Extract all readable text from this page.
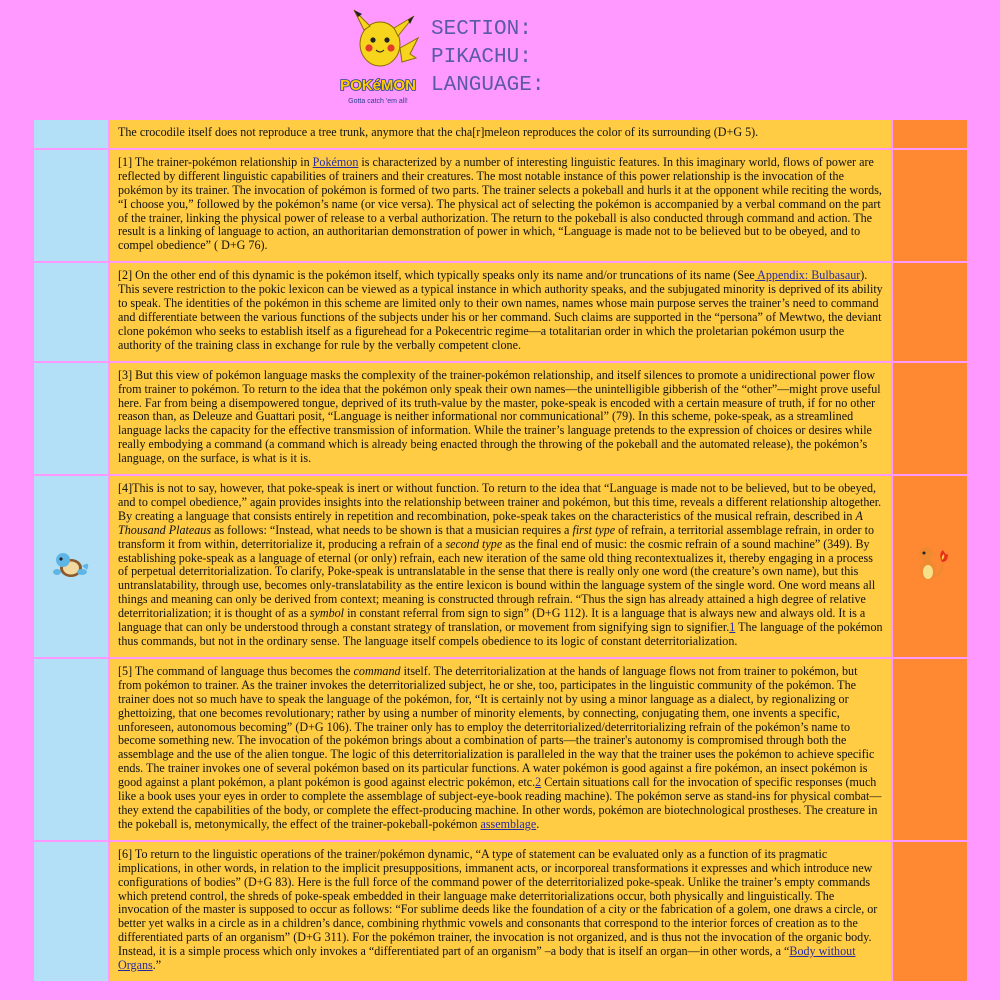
POKéMON
Gotta catch 'em all!
SECTION:
PIKACHU:
LANGUAGE:
	The crocodile itself does not reproduce a tree trunk, anymore that the cha[r]meleon reproduces the color of its surrounding (D+G 5).	
	[1] The trainer-pokémon relationship in Pokémon is characterized by a number of interesting linguistic features. In this imaginary world, flows of power are reflected by different linguistic capabilities of trainers and their creatures. The most notable instance of this power relationship is the invocation of the pokémon by its trainer. The invocation of pokémon is formed of two parts. The trainer selects a pokeball and hurls it at the opponent while reciting the words, “I choose you,” followed by the pokémon’s name (or vice versa). The physical act of selecting the pokémon is accompanied by a verbal command on the part of the trainer, linking the physical power of release to a verbal authorization. The return to the pokeball is also conducted through command and action. The result is a linking of language to action, an authoritarian demonstration of power in which, “Language is made not to be believed but to be obeyed, and to compel obedience” ( D+G 76).	
	[2] On the other end of this dynamic is the pokémon itself, which typically speaks only its name and/or truncations of its name (See Appendix: Bulbasaur). This severe restriction to the pokic lexicon can be viewed as a typical instance in which authority speaks, and the subjugated minority is deprived of its ability to speak. The identities of the pokémon in this scheme are limited only to their own names, names whose main purpose serves the trainer’s need to command and differentiate between the various functions of the subjects under his or her command. Such claims are supported in the “persona” of Mewtwo, the deviant clone pokémon who seeks to establish itself as a figurehead for a Pokecentric regime—a totalitarian order in which the proletarian pokémon usurp the authority of the training class in exchange for rule by the verbally competent clone.	
	[3] But this view of pokémon language masks the complexity of the trainer-pokémon relationship, and itself silences to promote a unidirectional power flow from trainer to pokémon. To return to the idea that the pokémon only speak their own names—the unintelligible gibberish of the “other”—might prove useful here. Far from being a disempowered tongue, deprived of its truth-value by the master, poke-speak is encoded with a certain measure of truth, if for no other reason than, as Deleuze and Guattari posit, “Language is neither informational nor communicational” (79). In this scheme, poke-speak, as a streamlined language lacks the capacity for the effective transmission of information. While the trainer’s language pretends to the expression of choices or desires while really embodying a command (a command which is already being enacted through the throwing of the pokeball and the automated release), the pokémon’s language, on the surface, is what is it is.	
	[4]This is not to say, however, that poke-speak is inert or without function. To return to the idea that “Language is made not to be believed, but to be obeyed, and to compel obedience,” again provides insights into the relationship between trainer and pokémon, but this time, reveals a different relationship altogether. By creating a language that consists entirely in repetition and recombination, poke-speak takes on the characteristics of the musical refrain, described in A Thousand Plateaus as follows: “Instead, what needs to be shown is that a musician requires a first type of refrain, a territorial assemblage refrain, in order to transform it from within, deterritorialize it, producing a refrain of a second type as the final end of music: the cosmic refrain of a sound machine” (349). By establishing poke-speak as a language of eternal (or only) refrain, each new iteration of the same old thing recontextualizes it, thereby engaging in a process of perpetual deterritorialization. To clarify, Poke-speak is untranslatable in the sense that there is really only one word (the creature’s own name), but this untranslatability, through use, becomes only-translatability as the entire lexicon is bound within the language system of the single word. One word means all things and meaning can only be derived from context; meaning is constructed through refrain. “Thus the sign has already attained a high degree of relative deterritorialization; it is thought of as a symbol in constant referral from sign to sign” (D+G 112). It is a language that is always new and always old. It is a language that can only be understood through a constant strategy of translation, or movement from signifying sign to signifier.1 The language of the pokémon thus commands, but not in the ordinary sense. The language itself compels obedience to its logic of constant deterritorialization.	
	[5] The command of language thus becomes the command itself. The deterritorialization at the hands of language flows not from trainer to pokémon, but from pokémon to trainer. As the trainer invokes the deterritorialized subject, he or she, too, participates in the linguistic community of the pokémon. The trainer does not so much have to speak the language of the pokémon, for, “It is certainly not by using a minor language as a dialect, by regionalizing or ghettoizing, that one becomes revolutionary; rather by using a number of minority elements, by connecting, conjugating them, one invents a specific, unforeseen, autonomous becoming” (D+G 106). The trainer only has to employ the deterritorialized/deterritorializing refrain of the pokémon’s name to become something new. The invocation of the pokémon brings about a combination of parts—the trainer's autonomy is compromised through both the assemblage and the use of the alien tongue. The logic of this deterritorialization is paralleled in the way that the trainer uses the pokémon to achieve specific ends. The trainer invokes one of several pokémon based on its particular functions. A water pokémon is good against a fire pokémon, an insect pokémon is good against a plant pokémon, a plant pokémon is good against electric pokémon, etc.2 Certain situations call for the invocation of specific responses (much like a book uses your eyes in order to complete the assemblage of subject-eye-book reading machine). The pokémon serve as stand-ins for physical combat—they extend the capabilities of the body, or complete the effect-producing machine. In other words, pokémon are biotechnological prostheses. The creature in the pokeball is, metonymically, the effect of the trainer-pokeball-pokémon assemblage.	
	[6] To return to the linguistic operations of the trainer/pokémon dynamic, “A type of statement can be evaluated only as a function of its pragmatic implications, in other words, in relation to the implicit presuppositions, immanent acts, or incorporeal transformations it expresses and which introduce new configurations of bodies” (D+G 83). Here is the full force of the command power of the deterritorialized poke-speak. Unlike the trainer’s empty commands which pretend control, the shreds of poke-speak embedded in their language make deterritorializations occur, both physically and linguistically. The invocation of the master is supposed to occur as follows: “For sublime deeds like the foundation of a city or the fabrication of a golem, one draws a circle, or better yet walks in a circle as in a children’s dance, combining rhythmic vowels and consonants that correspond to the interior forces of creation as to the differentiated parts of an organism” (D+G 311). For the pokémon trainer, the invocation is not organized, and is thus not the invocation of the organic body. Instead, it is a simple process which only invokes a “differentiated part of an organism” –a body that is itself an organ—in other words, a “Body without Organs.”	
